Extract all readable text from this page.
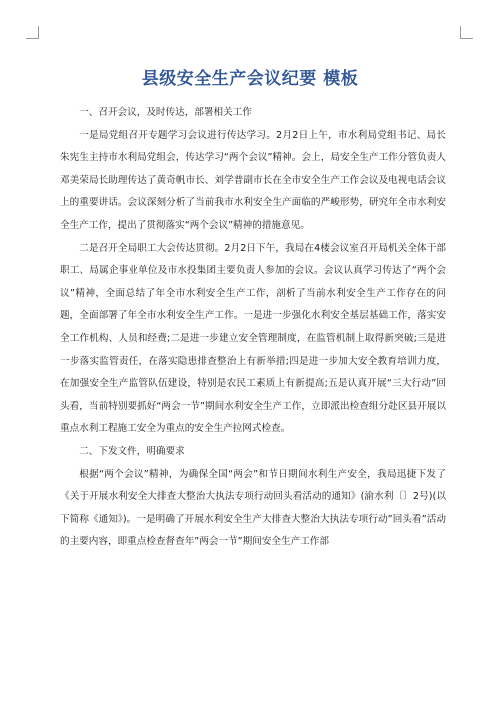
县级安全生产会议纪要 模板

一、召开会议，及时传达，部署相关工作

一是局党组召开专题学习会议进行传达学习。2月2日上午，市水利局党组书记、局长朱宪生主持市水利局党组会，传达学习“两个会议”精神。会上，局安全生产工作分管负责人邓美荣局长助理传达了黄奇帆市长、刘学普副市长在全市安全生产工作会议及电视电话会议上的重要讲话。会议深刻分析了当前我市水利安全生产面临的严峻形势，研究年全市水利安全生产工作，提出了贯彻落实“两个会议”精神的措施意见。

二是召开全局职工大会传达贯彻。2月2日下午，我局在4楼会议室召开局机关全体干部职工、局属企事业单位及市水投集团主要负责人参加的会议。会议认真学习传达了“两个会议”精神，全面总结了年全市水利安全生产工作，剖析了当前水利安全生产工作存在的问题，全面部署了年全市水利安全生产工作。一是进一步强化水利安全基层基础工作，落实安全工作机构、人员和经费;二是进一步建立安全管理制度，在监管机制上取得新突破;三是进一步落实监管责任，在落实隐患排查整治上有新举措;四是进一步加大安全教育培训力度，在加强安全生产监管队伍建设，特别是农民工素质上有新提高;五是认真开展“三大行动”回头看，当前特别要抓好“两会一节”期间水利安全生产工作，立即派出检查组分赴区县开展以重点水利工程施工安全为重点的安全生产拉网式检查。

二、下发文件，明确要求

根据“两个会议”精神，为确保全国“两会”和节日期间水利生产安全，我局迅捷下发了《关于开展水利安全大排查大整治大执法专项行动回头看活动的通知》(渝水利〔〕2号)(以下简称《通知》)。一是明确了开展水利安全生产大排查大整治大执法专项行动”回头看”活动的主要内容，即重点检查督查年”两会一节”期间安全生产工作部
